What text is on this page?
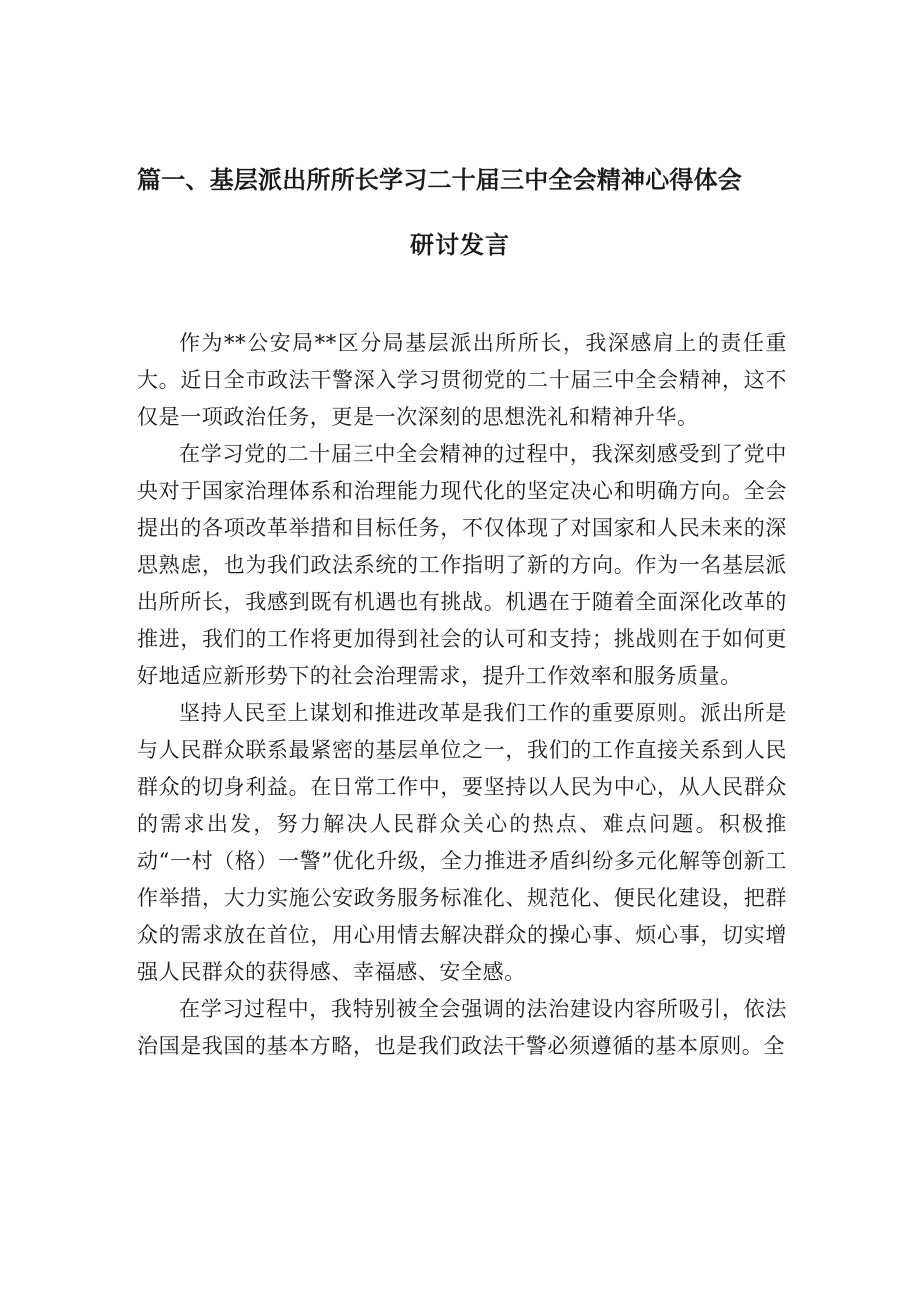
篇一、基层派出所所长学习二十届三中全会精神心得体会
研讨发言

作为**公安局**区分局基层派出所所长，我深感肩上的责任重大。近日全市政法干警深入学习贯彻党的二十届三中全会精神，这不仅是一项政治任务，更是一次深刻的思想洗礼和精神升华。

在学习党的二十届三中全会精神的过程中，我深刻感受到了党中央对于国家治理体系和治理能力现代化的坚定决心和明确方向。全会提出的各项改革举措和目标任务，不仅体现了对国家和人民未来的深思熟虑，也为我们政法系统的工作指明了新的方向。作为一名基层派出所所长，我感到既有机遇也有挑战。机遇在于随着全面深化改革的推进，我们的工作将更加得到社会的认可和支持；挑战则在于如何更好地适应新形势下的社会治理需求，提升工作效率和服务质量。

坚持人民至上谋划和推进改革是我们工作的重要原则。派出所是与人民群众联系最紧密的基层单位之一，我们的工作直接关系到人民群众的切身利益。在日常工作中，要坚持以人民为中心，从人民群众的需求出发，努力解决人民群众关心的热点、难点问题。积极推动“一村（格）一警”优化升级，全力推进矛盾纠纷多元化解等创新工作举措，大力实施公安政务服务标准化、规范化、便民化建设，把群众的需求放在首位，用心用情去解决群众的操心事、烦心事，切实增强人民群众的获得感、幸福感、安全感。

在学习过程中，我特别被全会强调的法治建设内容所吸引，依法治国是我国的基本方略，也是我们政法干警必须遵循的基本原则。全
